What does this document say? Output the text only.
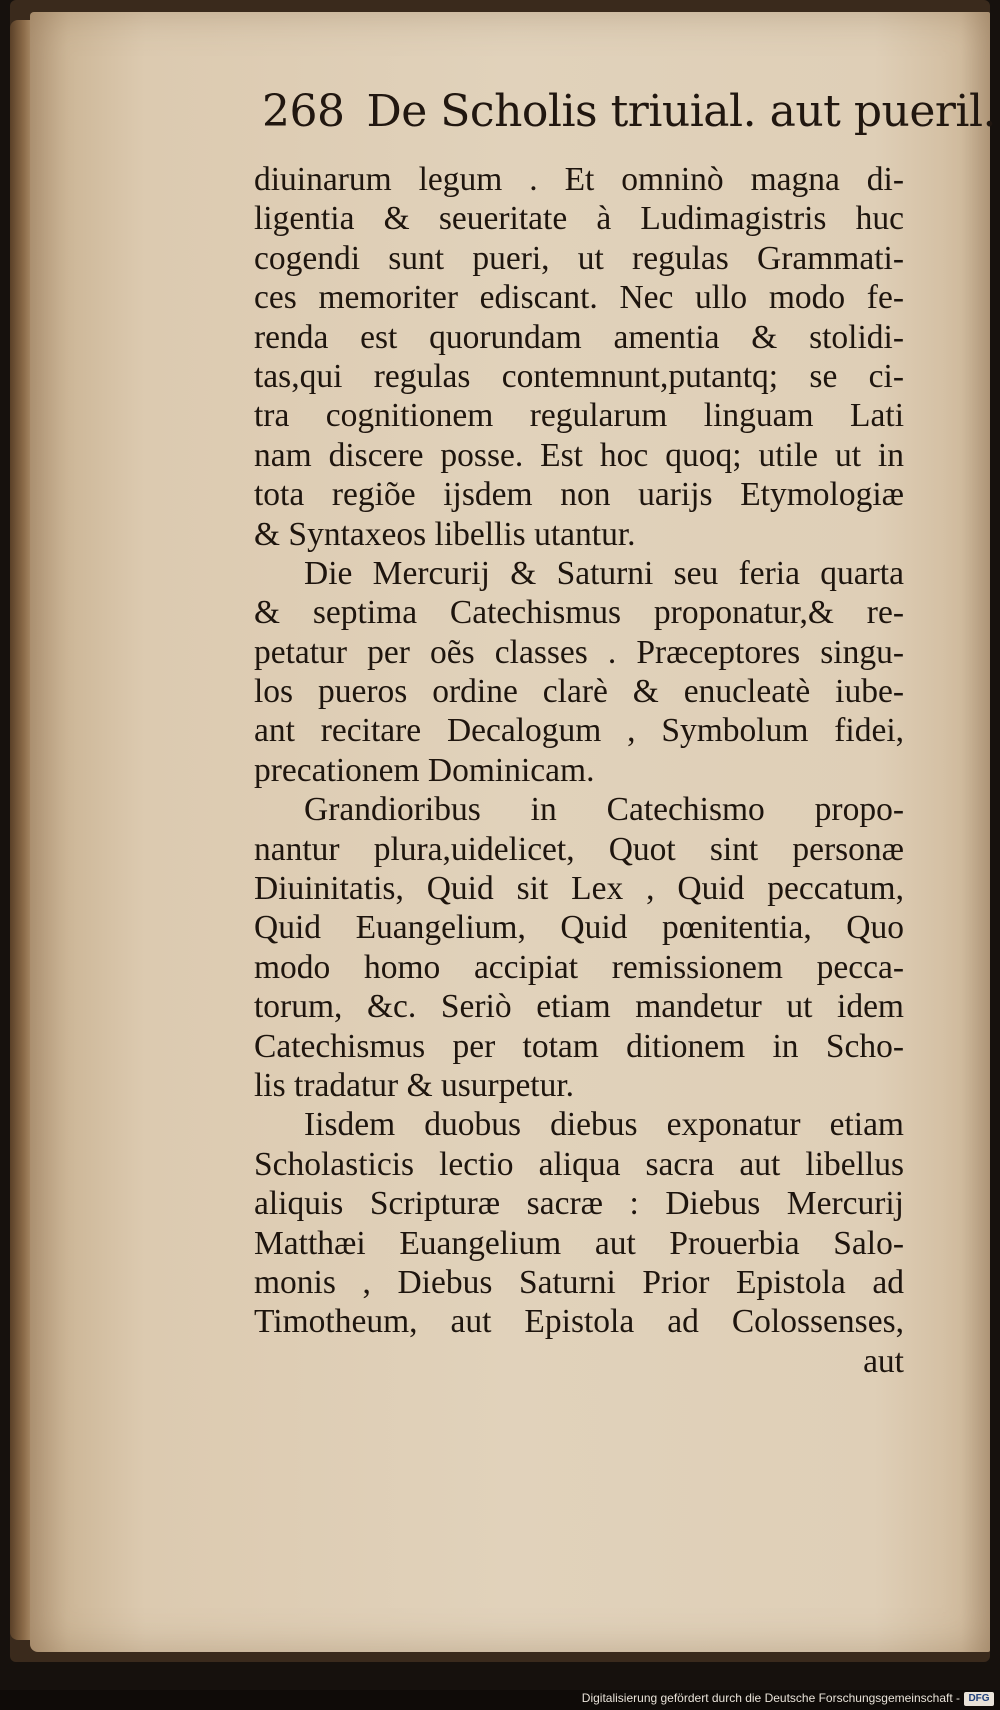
268 De Scholis triuial. aut pueril.
diuinarum legum . Et omninò magna di-
ligentia & seueritate à Ludimagistris huc
cogendi sunt pueri, ut regulas Grammati-
ces memoriter ediscant. Nec ullo modo fe-
renda est quorundam amentia & stolidi-
tas,qui regulas contemnunt,putantq; se ci-
tra cognitionem regularum linguam Lati
nam discere posse. Est hoc quoq; utile ut in
tota regiõe ijsdem non uarijs Etymologiæ
& Syntaxeos libellis utantur.
Die Mercurij & Saturni seu feria quarta
& septima Catechismus proponatur,& re-
petatur per oẽs classes . Præceptores singu-
los pueros ordine clarè & enucleatè iube-
ant recitare Decalogum , Symbolum fidei,
precationem Dominicam.
Grandioribus in Catechismo propo-
nantur plura,uidelicet, Quot sint personæ
Diuinitatis, Quid sit Lex , Quid peccatum,
Quid Euangelium, Quid pœnitentia, Quo
modo homo accipiat remissionem pecca-
torum, &c. Seriò etiam mandetur ut idem
Catechismus per totam ditionem in Scho-
lis tradatur & usurpetur.
Iisdem duobus diebus exponatur etiam
Scholasticis lectio aliqua sacra aut libellus
aliquis Scripturæ sacræ : Diebus Mercurij
Matthæi Euangelium aut Prouerbia Salo-
monis , Diebus Saturni Prior Epistola ad
Timotheum, aut Epistola ad Colossenses,
aut
Digitalisierung gefördert durch die Deutsche Forschungsgemeinschaft - DFG
